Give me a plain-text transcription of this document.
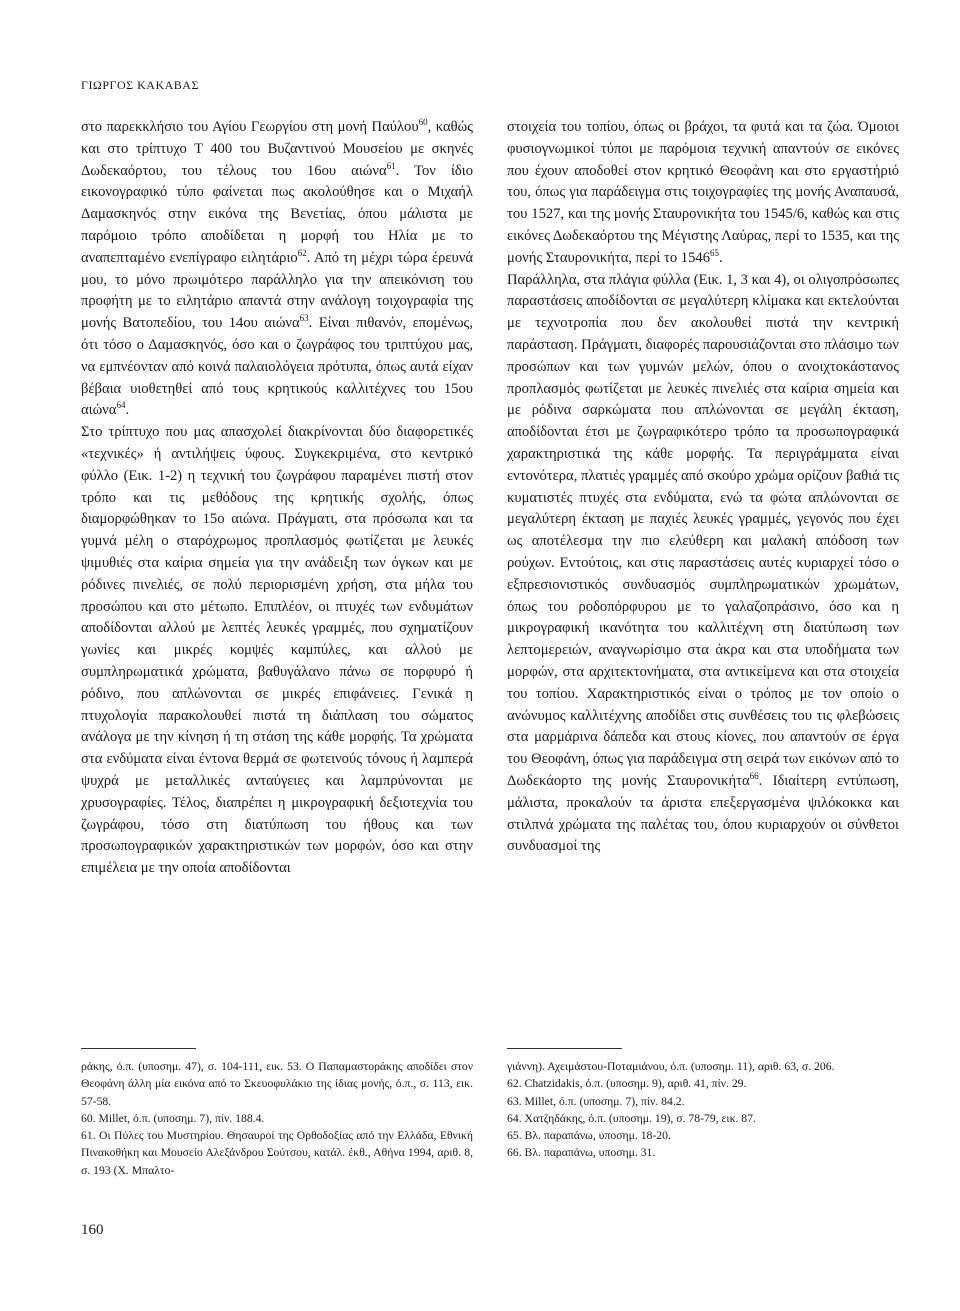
ΓΙΩΡΓΟΣ ΚΑΚΑΒΑΣ

στο παρεκκλήσιο του Αγίου Γεωργίου στη μονή Παύλου$^{60}$, καθώς και στο τρίπτυχο Τ 400 του Βυζαντινού Μουσείου με σκηνές Δωδεκαόρτου, του τέλους του 16ου αιώνα$^{61}$. Τον ίδιο εικονογραφικό τύπο φαίνεται πως ακολούθησε και ο Μιχαήλ Δαμασκηνός στην εικόνα της Βενετίας, όπου μάλιστα με παρόμοιο τρόπο αποδίδεται η μορφή του Ηλία με το αναπεπταμένο ενεπίγραφο ειλητάριο$^{62}$. Από τη μέχρι τώρα έρευνά μου, το μόνο πρωιμότερο παράλληλο για την απεικόνιση του προφήτη με το ειλητάριο απαντά στην ανάλογη τοιχογραφία της μονής Βατοπεδίου, του 14ου αιώνα$^{63}$. Είναι πιθανόν, επομένως, ότι τόσο ο Δαμασκηνός, όσο και ο ζωγράφος του τριπτύχου μας, να εμπνέονταν από κοινά παλαιολόγεια πρότυπα, όπως αυτά είχαν βέβαια υιοθετηθεί από τους κρητικούς καλλιτέχνες του 15ου αιώνα$^{64}$.

Στο τρίπτυχο που μας απασχολεί διακρίνονται δύο διαφορετικές «τεχνικές» ή αντιλήψεις ύφους. Συγκεκριμένα, στο κεντρικό φύλλο (Εικ. 1-2) η τεχνική του ζωγράφου παραμένει πιστή στον τρόπο και τις μεθόδους της κρητικής σχολής, όπως διαμορφώθηκαν το 15ο αιώνα. Πράγματι, στα πρόσωπα και τα γυμνά μέλη ο σταρόχρωμος προπλασμός φωτίζεται με λευκές ψιμυθιές στα καίρια σημεία για την ανάδειξη των όγκων και με ρόδινες πινελιές, σε πολύ περιορισμένη χρήση, στα μήλα του προσώπου και στο μέτωπο. Επιπλέον, οι πτυχές των ενδυμάτων αποδίδονται αλλού με λεπτές λευκές γραμμές, που σχηματίζουν γωνίες και μικρές κομψές καμπύλες, και αλλού με συμπληρωματικά χρώματα, βαθυγάλανο πάνω σε πορφυρό ή ρόδινο, που απλώνονται σε μικρές επιφάνειες. Γενικά η πτυχολογία παρακολουθεί πιστά τη διάπλαση του σώματος ανάλογα με την κίνηση ή τη στάση της κάθε μορφής. Τα χρώματα στα ενδύματα είναι έντονα θερμά σε φωτεινούς τόνους ή λαμπερά ψυχρά με μεταλλικές ανταύγειες και λαμπρύνονται με χρυσογραφίες. Τέλος, διαπρέπει η μικρογραφική δεξιοτεχνία του ζωγράφου, τόσο στη διατύπωση του ήθους και των προσωπογραφικών χαρακτηριστικών των μορφών, όσο και στην επιμέλεια με την οποία αποδίδονται

στοιχεία του τοπίου, όπως οι βράχοι, τα φυτά και τα ζώα. Όμοιοι φυσιογνωμικοί τύποι με παρόμοια τεχνική απαντούν σε εικόνες που έχουν αποδοθεί στον κρητικό Θεοφάνη και στο εργαστήριό του, όπως για παράδειγμα στις τοιχογραφίες της μονής Αναπαυσά, του 1527, και της μονής Σταυρονικήτα του 1545/6, καθώς και στις εικόνες Δωδεκαόρτου της Μέγιστης Λαύρας, περί το 1535, και της μονής Σταυρονικήτα, περί το 1546$^{65}$.

Παράλληλα, στα πλάγια φύλλα (Εικ. 1, 3 και 4), οι ολιγοπρόσωπες παραστάσεις αποδίδονται σε μεγαλύτερη κλίμακα και εκτελούνται με τεχνοτροπία που δεν ακολουθεί πιστά την κεντρική παράσταση. Πράγματι, διαφορές παρουσιάζονται στο πλάσιμο των προσώπων και των γυμνών μελών, όπου ο ανοιχτοκάστανος προπλασμός φωτίζεται με λευκές πινελιές στα καίρια σημεία και με ρόδινα σαρκώματα που απλώνονται σε μεγάλη έκταση, αποδίδονται έτσι με ζωγραφικότερο τρόπο τα προσωπογραφικά χαρακτηριστικά της κάθε μορφής. Τα περιγράμματα είναι εντονότερα, πλατιές γραμμές από σκούρο χρώμα ορίζουν βαθιά τις κυματιστές πτυχές στα ενδύματα, ενώ τα φώτα απλώνονται σε μεγαλύτερη έκταση με παχιές λευκές γραμμές, γεγονός που έχει ως αποτέλεσμα την πιο ελεύθερη και μαλακή απόδοση των ρούχων. Εντούτοις, και στις παραστάσεις αυτές κυριαρχεί τόσο ο εξπρεσιονιστικός συνδυασμός συμπληρωματικών χρωμάτων, όπως του ροδοπόρφυρου με το γαλαζοπράσινο, όσο και η μικρογραφική ικανότητα του καλλιτέχνη στη διατύπωση των λεπτομερειών, αναγνωρίσιμο στα άκρα και στα υποδήματα των μορφών, στα αρχιτεκτονήματα, στα αντικείμενα και στα στοιχεία του τοπίου. Χαρακτηριστικός είναι ο τρόπος με τον οποίο ο ανώνυμος καλλιτέχνης αποδίδει στις συνθέσεις του τις φλεβώσεις στα μαρμάρινα δάπεδα και στους κίονες, που απαντούν σε έργα του Θεοφάνη, όπως για παράδειγμα στη σειρά των εικόνων από το Δωδεκάορτο της μονής Σταυρονικήτα$^{66}$. Ιδιαίτερη εντύπωση, μάλιστα, προκαλούν τα άριστα επεξεργασμένα ψιλόκοκκα και στιλπνά χρώματα της παλέτας του, όπου κυριαρχούν οι σύνθετοι συνδυασμοί της

ράκης, ό.π. (υποσημ. 47), σ. 104-111, εικ. 53. Ο Παπαμαστοράκης αποδίδει στον Θεοφάνη άλλη μία εικόνα από το Σκευοφυλάκιο της ίδιας μονής, ό.π., σ. 113, εικ. 57-58.

60. Millet, ό.π. (υποσημ. 7), πίν. 188.4.

61. Οι Πύλες του Μυστηρίου. Θησαυροί της Ορθοδοξίας από την Ελλάδα, Εθνική Πινακοθήκη και Μουσείο Αλεξάνδρου Σούτσου, κατάλ. έκθ., Αθήνα 1994, αριθ. 8, σ. 193 (Χ. Μπαλτο-

γιάννη). Αχειμάστου-Ποταμιάνου, ό.π. (υποσημ. 11), αριθ. 63, σ. 206.

62. Chatzidakis, ό.π. (υποσημ. 9), αριθ. 41, πίν. 29.

63. Millet, ό.π. (υποσημ. 7), πίν. 84.2.

64. Χατζηδάκης, ό.π. (υποσημ. 19), σ. 78-79, εικ. 87.

65. Βλ. παραπάνω, υποσημ. 18-20.

66. Βλ. παραπάνω, υποσημ. 31.

160
